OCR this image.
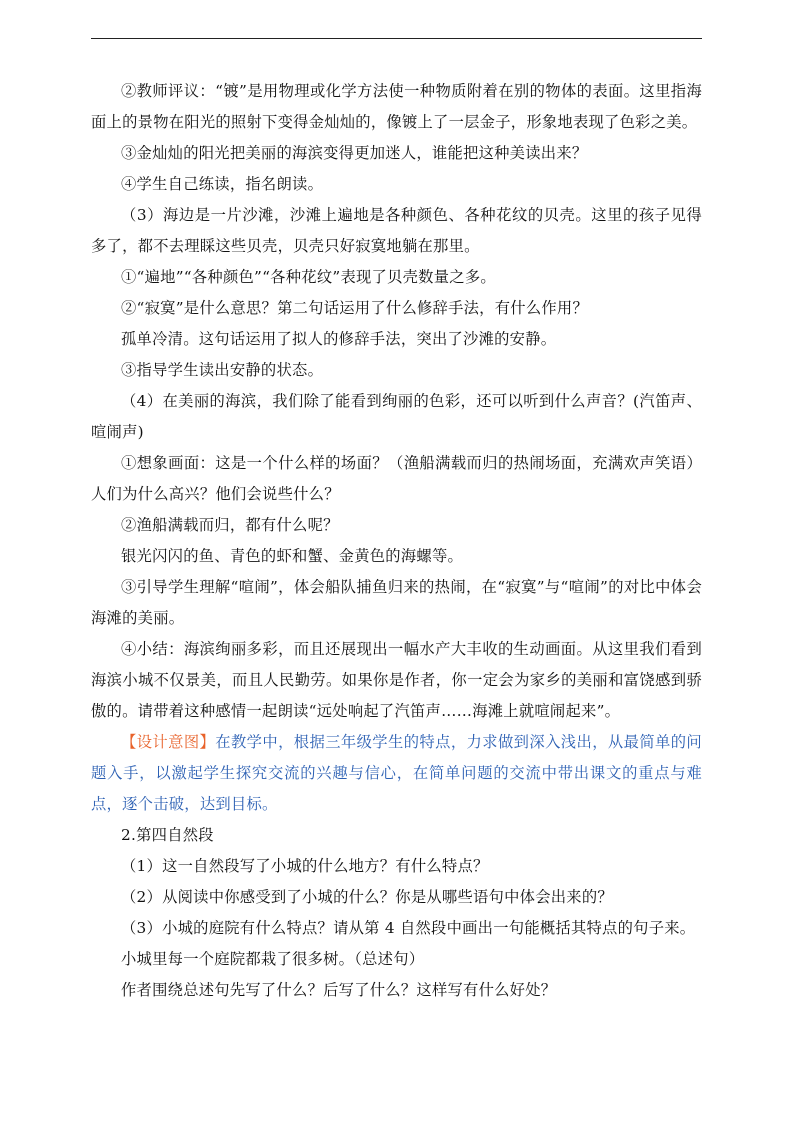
②教师评议：“镀”是用物理或化学方法使一种物质附着在别的物体的表面。这里指海面上的景物在阳光的照射下变得金灿灿的，像镀上了一层金子，形象地表现了色彩之美。

③金灿灿的阳光把美丽的海滨变得更加迷人，谁能把这种美读出来？

④学生自己练读，指名朗读。

（3）海边是一片沙滩，沙滩上遍地是各种颜色、各种花纹的贝壳。这里的孩子见得多了，都不去理睬这些贝壳，贝壳只好寂寞地躺在那里。

①“遍地”“各种颜色”“各种花纹”表现了贝壳数量之多。

②“寂寞”是什么意思？第二句话运用了什么修辞手法，有什么作用？

孤单冷清。这句话运用了拟人的修辞手法，突出了沙滩的安静。

③指导学生读出安静的状态。

（4）在美丽的海滨，我们除了能看到绚丽的色彩，还可以听到什么声音？(汽笛声、喧闹声)

①想象画面：这是一个什么样的场面？（渔船满载而归的热闹场面，充满欢声笑语）人们为什么高兴？他们会说些什么？

②渔船满载而归，都有什么呢？

银光闪闪的鱼、青色的虾和蟹、金黄色的海螺等。

③引导学生理解“喧闹”，体会船队捕鱼归来的热闹，在“寂寞”与“喧闹”的对比中体会海滩的美丽。

④小结：海滨绚丽多彩，而且还展现出一幅水产大丰收的生动画面。从这里我们看到海滨小城不仅景美，而且人民勤劳。如果你是作者，你一定会为家乡的美丽和富饶感到骄傲的。请带着这种感情一起朗读“远处响起了汽笛声……海滩上就喧闹起来”。

【设计意图】在教学中，根据三年级学生的特点，力求做到深入浅出，从最简单的问题入手，以激起学生探究交流的兴趣与信心，在简单问题的交流中带出课文的重点与难点，逐个击破，达到目标。

2.第四自然段

（1）这一自然段写了小城的什么地方？有什么特点？

（2）从阅读中你感受到了小城的什么？你是从哪些语句中体会出来的？

（3）小城的庭院有什么特点？请从第 4 自然段中画出一句能概括其特点的句子来。

小城里每一个庭院都栽了很多树。（总述句）

作者围绕总述句先写了什么？后写了什么？这样写有什么好处？
